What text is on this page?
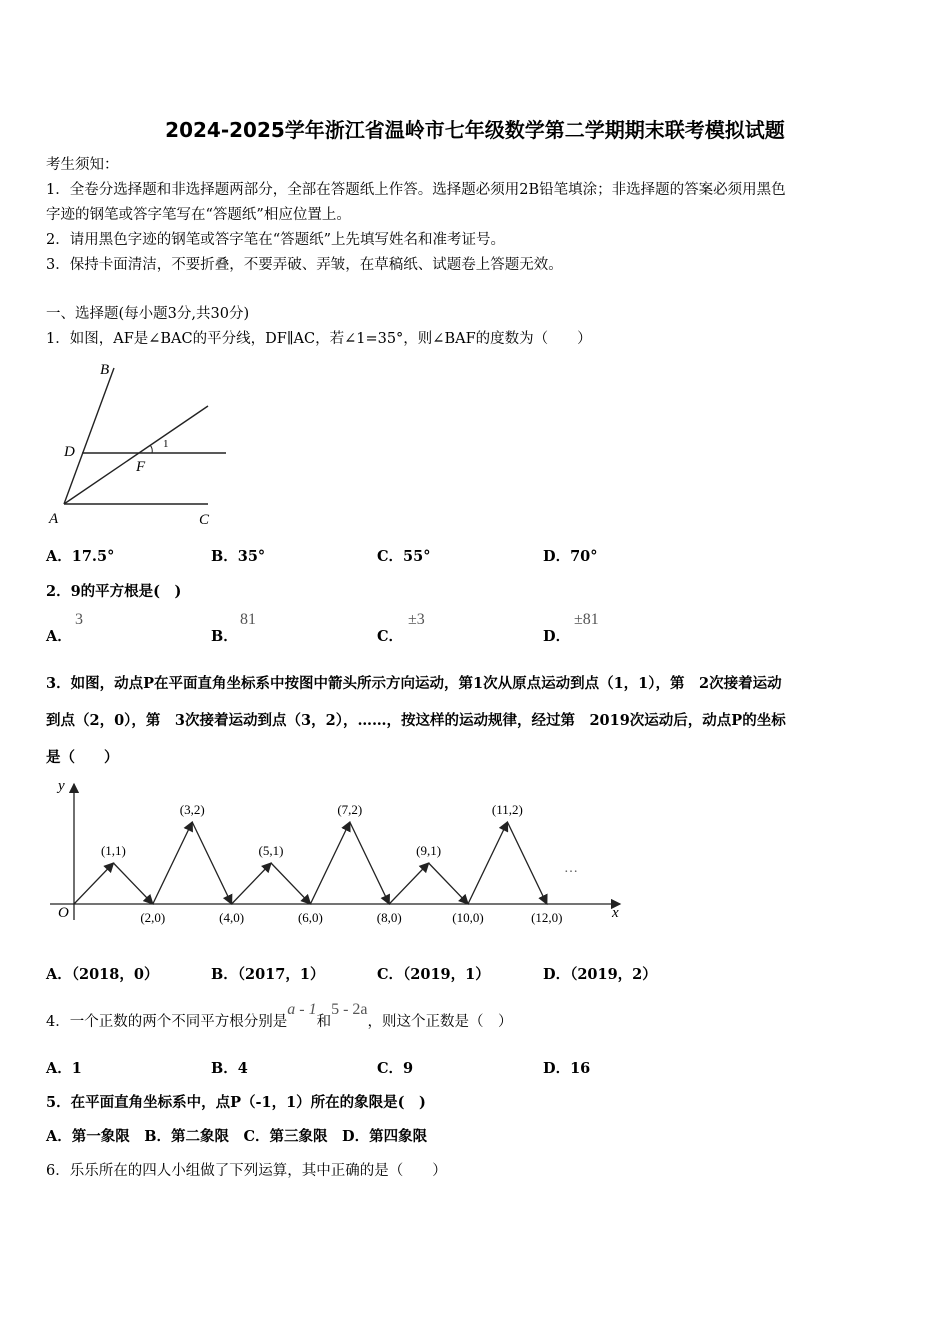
2024-2025学年浙江省温岭市七年级数学第二学期期末联考模拟试题
考生须知：
1．全卷分选择题和非选择题两部分，全部在答题纸上作答。选择题必须用2B铅笔填涂；非选择题的答案必须用黑色
字迹的钢笔或答字笔写在“答题纸”相应位置上。
2．请用黑色字迹的钢笔或答字笔在“答题纸”上先填写姓名和准考证号。
3．保持卡面清洁，不要折叠，不要弄破、弄皱，在草稿纸、试题卷上答题无效。
一、选择题(每小题3分,共30分)
1．如图，AF是∠BAC的平分线，DF∥AC，若∠1=35°，则∠BAF的度数为（　　）
B
D
F
1
A	C
A．17.5°	B．35°	C．55°	D．70°
2．9的平方根是(　)
A．
3
B．
81
C．
±3
D．
±81
3．如图，动点P在平面直角坐标系中按图中箭头所示方向运动，第1次从原点运动到点（1，1），第　2次接着运动
到点（2，0），第　3次接着运动到点（3，2），……，按这样的运动规律，经过第　2019次运动后，动点P的坐标
是（　　）
y
x
O
…
(1,1)
(2,0)
(3,2)
(4,0)
(5,1)
(6,0)
(7,2)
(8,0)
(9,1)
(10,0)
(11,2)
(12,0)
A．（2018，0）	B．（2017，1）	C．（2019，1）	D．（2019，2）
4．一个正数的两个不同平方根分别是a - 1和5 - 2a，则这个正数是（　）
A．1	B．4	C．9	D．16
5．在平面直角坐标系中，点P（-1，1）所在的象限是(　)
A．第一象限　B．第二象限　C．第三象限　D．第四象限
6．乐乐所在的四人小组做了下列运算，其中正确的是（　　）
